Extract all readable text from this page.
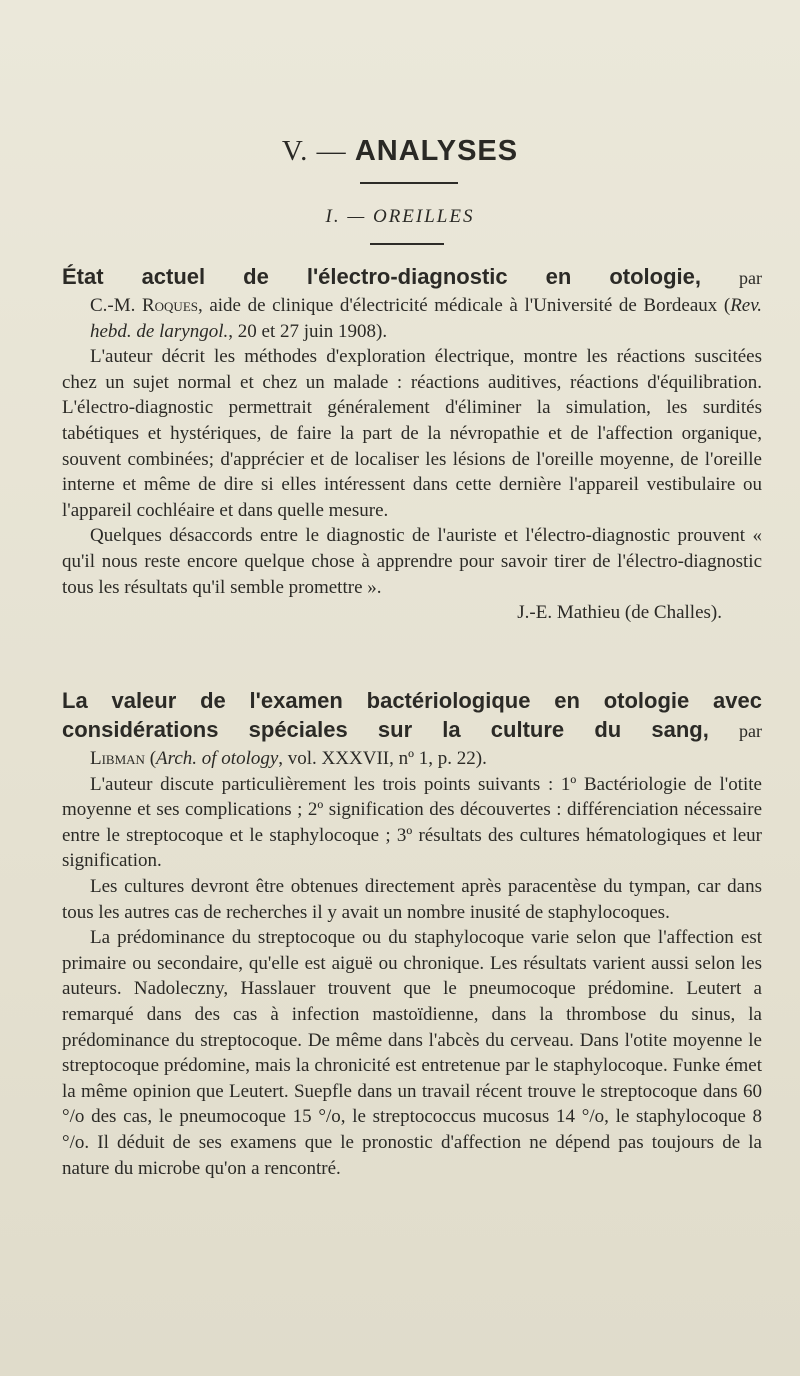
V. — ANALYSES
I. — OREILLES

État actuel de l'électro-diagnostic en otologie, par

C.-M. Roques, aide de clinique d'électricité médicale à l'Université de Bordeaux (Rev. hebd. de laryngol., 20 et 27 juin 1908).

L'auteur décrit les méthodes d'exploration électrique, montre les réactions suscitées chez un sujet normal et chez un malade : réactions auditives, réactions d'équilibration. L'électro-diagnostic permettrait généralement d'éliminer la simulation, les surdités tabétiques et hystériques, de faire la part de la névropathie et de l'affection organique, souvent combinées; d'apprécier et de localiser les lésions de l'oreille moyenne, de l'oreille interne et même de dire si elles intéressent dans cette dernière l'appareil vestibulaire ou l'appareil cochléaire et dans quelle mesure.

Quelques désaccords entre le diagnostic de l'auriste et l'électro-diagnostic prouvent « qu'il nous reste encore quelque chose à apprendre pour savoir tirer de l'électro-diagnostic tous les résultats qu'il semble promettre ».

J.-E. Mathieu (de Challes).

La valeur de l'examen bactériologique en otologie avec considérations spéciales sur la culture du sang, par

Libman (Arch. of otology, vol. XXXVII, nº 1, p. 22).

L'auteur discute particulièrement les trois points suivants : 1º Bactériologie de l'otite moyenne et ses complications ; 2º signification des découvertes : différenciation nécessaire entre le streptocoque et le staphylocoque ; 3º résultats des cultures hématologiques et leur signification.

Les cultures devront être obtenues directement après paracentèse du tympan, car dans tous les autres cas de recherches il y avait un nombre inusité de staphylocoques.

La prédominance du streptocoque ou du staphylocoque varie selon que l'affection est primaire ou secondaire, qu'elle est aiguë ou chronique. Les résultats varient aussi selon les auteurs. Nadoleczny, Hasslauer trouvent que le pneumocoque prédomine. Leutert a remarqué dans des cas à infection mastoïdienne, dans la thrombose du sinus, la prédominance du streptocoque. De même dans l'abcès du cerveau. Dans l'otite moyenne le streptocoque prédomine, mais la chronicité est entretenue par le staphylocoque. Funke émet la même opinion que Leutert. Suepfle dans un travail récent trouve le streptocoque dans 60 °/o des cas, le pneumocoque 15 °/o, le streptococcus mucosus 14 °/o, le staphylocoque 8 °/o. Il déduit de ses examens que le pronostic d'affection ne dépend pas toujours de la nature du microbe qu'on a rencontré.
